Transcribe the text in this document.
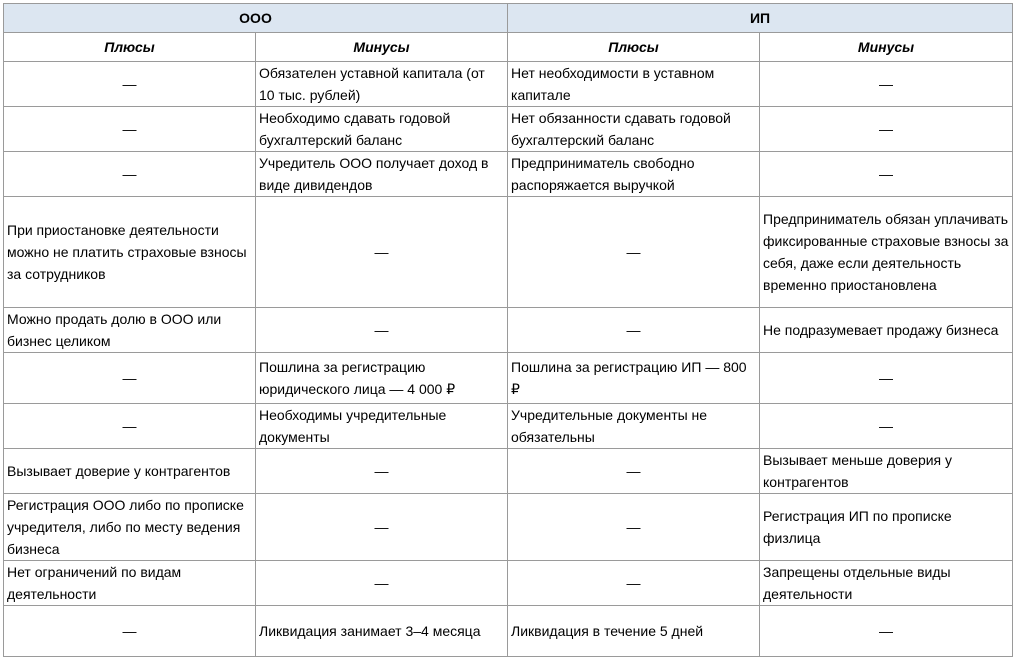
ООО		ИП	
Плюсы	Минусы	Плюсы	Минусы
—	Обязателен уставной капитала (от 10 тыс. рублей)	Нет необходимости в уставном капитале	—
—	Необходимо сдавать годовой бухгалтерский баланс	Нет обязанности сдавать годовой бухгалтерский баланс	—
—	Учредитель ООО получает доход в виде дивидендов	Предприниматель свободно распоряжается выручкой	—
При приостановке деятельности можно не платить страховые взносы за сотрудников	—	—	Предприниматель обязан уплачивать фиксированные страховые взносы за себя, даже если деятельность временно приостановлена
Можно продать долю в ООО или бизнес целиком	—	—	Не подразумевает продажу бизнеса
—	Пошлина за регистрацию юридического лица — 4 000 ₽	Пошлина за регистрацию ИП — 800 ₽	—
—	Необходимы учредительные документы	Учредительные документы не обязательны	—
Вызывает доверие у контрагентов	—	—	Вызывает меньше доверия у контрагентов
Регистрация ООО либо по прописке учредителя, либо по месту ведения бизнеса	—	—	Регистрация ИП по прописке физлица
Нет ограничений по видам деятельности	—	—	Запрещены отдельные виды деятельности
—	Ликвидация занимает 3–4 месяца	Ликвидация в течение 5 дней	—
